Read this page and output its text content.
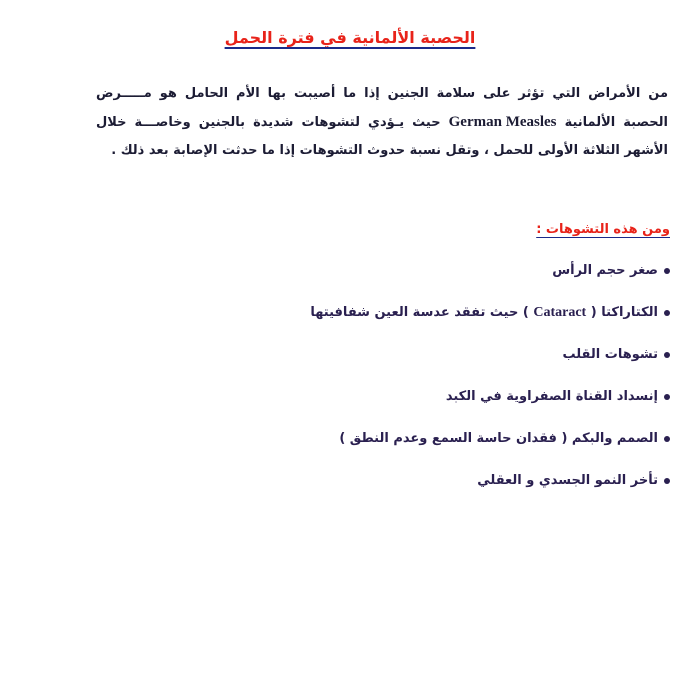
الحصبة الألمانية في فترة الحمل

من الأمراض التي تؤثر على سلامة الجنين إذا ما أصيبت بها الأم الحامل هو مـــــرض الحصبة الألمانية German Measles حيث يـؤدي لتشوهات شديدة بالجنين وخاصـــة خلال الأشهر الثلاثة الأولى للحمل ، وتقل نسبة حدوث التشوهات إذا ما حدثت الإصابة بعد ذلك .

ومن هذه التشوهات :
صغر حجم الرأس
الكتاراكتا ( Cataract ) حيث تفقد عدسة العين شفافيتها
تشوهات القلب
إنسداد القناة الصفراوية في الكبد
الصمم والبكم ( فقدان حاسة السمع وعدم النطق )
تأخر النمو الجسدي و العقلي
